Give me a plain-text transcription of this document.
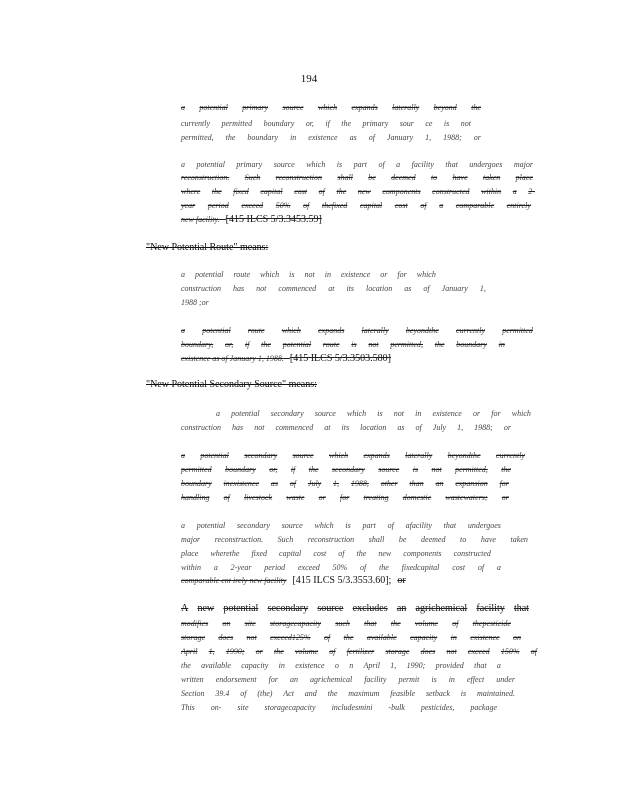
194
a potential primary source which expands laterally beyond the
currently permitted boundary or, if the primary sour ce is not
permitted, the boundary in existence as of January 1, 1988; or
a potential primary source which is part of a facility that undergoes major
reconstruction. Such reconstruction shall be deemed to have taken place
where the fixed capital cost of the new components constructed within a 2-
year period exceed 50% of thefixed capital cost of a comparable entirely
new facility. [415 ILCS 5/3.3453.59]
"New Potential Route" means:
a potential route which is not in existence or for which
construction has not commenced at its location as of January 1,
1988 ;or
a potential route which expands laterally beyondthe currently permitted
boundary, or, if the potential route is not permitted, the boundary in
existence as of January 1, 1988. [415 ILCS 5/3.3503.580]
"New Potential Secondary Source" means:
a potential secondary source which is not in existence or for which
construction has not commenced at its location as of July 1, 1988; or
a potential secondary source which expands laterally beyondthe currently
permitted boundary or, if the secondary source is not permitted, the
boundary inexistence as of July 1, 1988, other than an expansion for
handling of livestock waste or for treating domestic wastewaters; or
a potential secondary source which is part of afacility that undergoes
major reconstruction. Such reconstruction shall be deemed to have taken
place wherethe fixed capital cost of the new components constructed
within a 2-year period exceed 50% of the fixedcapital cost of a
comparable ent irely new facility [415 ILCS 5/3.3553.60]; or
A new potential secondary source excludes an agrichemical facility that
modifies on site storagecapacity such that the volume of thepesticide
storage does not exceed125% of the available capacity in existence on
April 1, 1990; or the volume of fertilizer storage does not exceed 150% of
the available capacity in existence o n April 1, 1990; provided that a
written endorsement for an agrichemical facility permit is in effect under
Section 39.4 of (the) Act and the maximum feasible setback is maintained.
This on- site storagecapacity includesmini -bulk pesticides, package
